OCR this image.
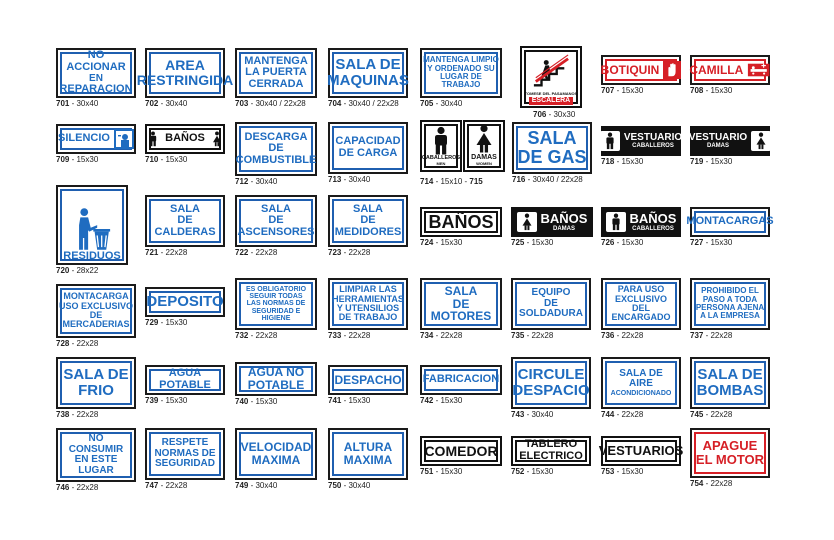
NO ACCIONAR
EN
REPARACION
701 - 30x40
AREA
RESTRINGIDA
702 - 30x40
MANTENGA
LA PUERTA
CERRADA
703 - 30x40 / 22x28
SALA DE
MAQUINAS
704 - 30x40 / 22x28
MANTENGA LIMPIO
Y ORDENADO SU
LUGAR DE TRABAJO
705 - 30x40
TOMESE DEL PASAMANOS
ESCALERA
706 - 30x30
BOTIQUIN
707 - 15x30
CAMILLA
708 - 15x30
SILENCIO
709 - 15x30
BAÑOS
710 - 15x30
DESCARGA
DE
COMBUSTIBLE
712 - 30x40
CAPACIDAD
DE CARGA
713 - 30x40
CABALLEROS
MEN
714 - 15x10 - 715
DAMAS
WOMEN
SALA
DE GAS
716 - 30x40 / 22x28
VESTUARIO
CABALLEROS
718 - 15x30
VESTUARIO
DAMAS
719 - 15x30
RESIDUOS
720 - 28x22
SALA
DE
CALDERAS
721 - 22x28
SALA
DE
ASCENSORES
722 - 22x28
SALA
DE
MEDIDORES
723 - 22x28
BAÑOS
724 - 15x30
BAÑOS
DAMAS
725 - 15x30
BAÑOS
CABALLEROS
726 - 15x30
MONTACARGAS
727 - 15x30
MONTACARGA
USO EXCLUSIVO
DE MERCADERIAS
728 - 22x28
DEPOSITO
729 - 15x30
ES OBLIGATORIO
SEGUIR TODAS
LAS NORMAS DE
SEGURIDAD E
HIGIENE
732 - 22x28
LIMPIAR LAS
HERRAMIENTAS
Y UTENSILIOS
DE TRABAJO
733 - 22x28
SALA
DE
MOTORES
734 - 22x28
EQUIPO
DE
SOLDADURA
735 - 22x28
PARA USO
EXCLUSIVO
DEL
ENCARGADO
736 - 22x28
PROHIBIDO EL
PASO A TODA
PERSONA AJENA
A LA EMPRESA
737 - 22x28
SALA DE
FRIO
738 - 22x28
AGUA POTABLE
739 - 15x30
AGUA NO
POTABLE
740 - 15x30
DESPACHO
741 - 15x30
FABRICACION
742 - 15x30
CIRCULE
DESPACIO
743 - 30x40
SALA DE
AIRE
ACONDICIONADO
744 - 22x28
SALA DE
BOMBAS
745 - 22x28
NO
CONSUMIR
EN ESTE
LUGAR
746 - 22x28
RESPETE
NORMAS DE
SEGURIDAD
747 - 22x28
VELOCIDAD
MAXIMA
749 - 30x40
ALTURA
MAXIMA
750 - 30x40
COMEDOR
751 - 15x30
TABLERO
ELECTRICO
752 - 15x30
VESTUARIOS
753 - 15x30
APAGUE
EL MOTOR
754 - 22x28
